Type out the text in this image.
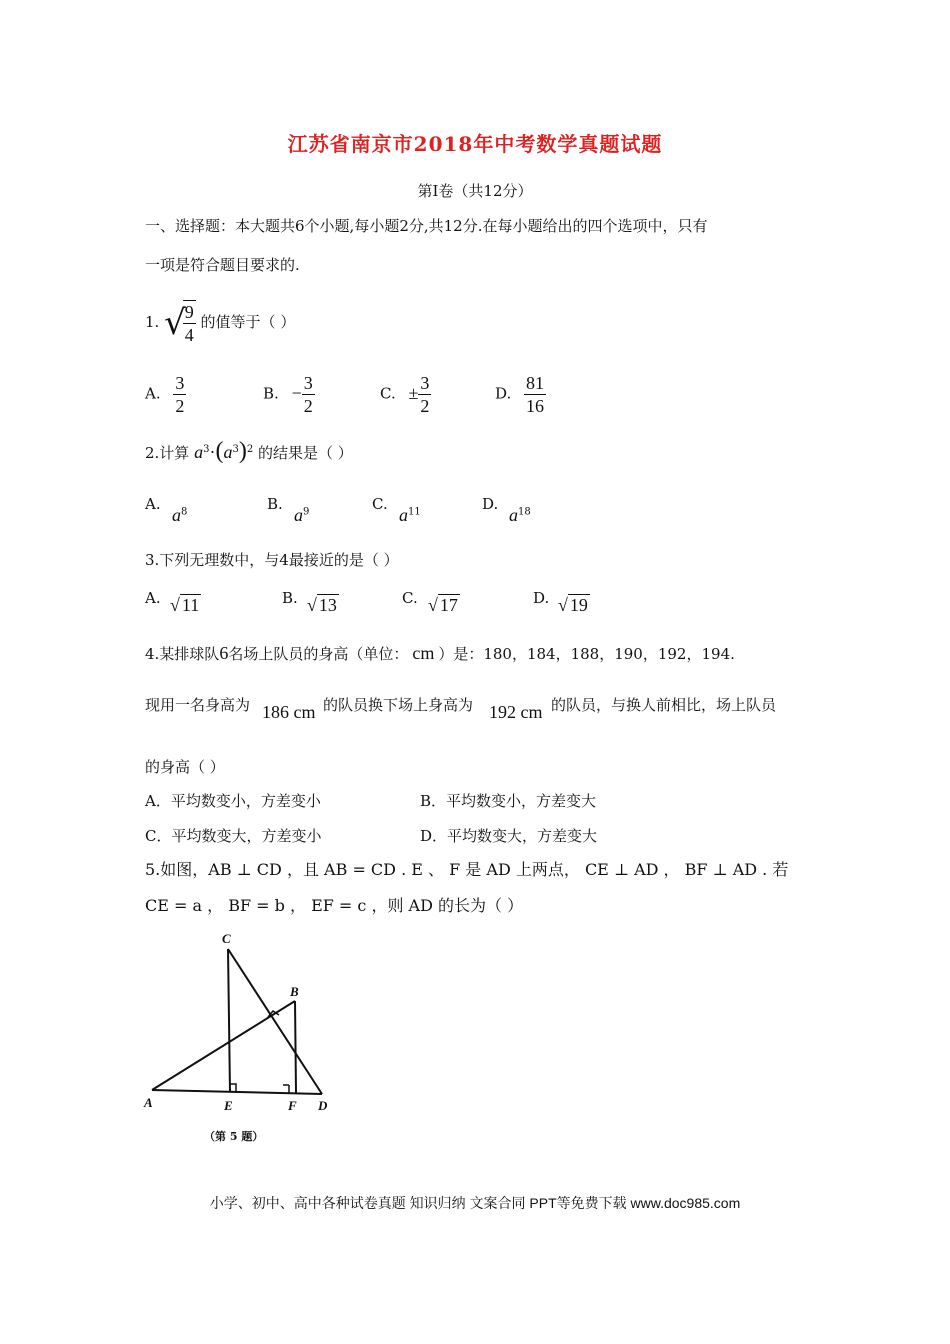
江苏省南京市2018年中考数学真题试题
第Ⅰ卷（共12分）
一、选择题：本大题共6个小题,每小题2分,共12分.在每小题给出的四个选项中，只有
一项是符合题目要求的.
1. √
$\frac{9}{4}$ 的值等于（ ）
A. $\frac{3}{2}$	B. − $\frac{3}{2}$	C. ± $\frac{3}{2}$	D. $\frac{81}{16}$
2.计算 $a^3\cdot(a^3)^2$ 的结果是（ ）
A.
$a^8$	B.
$a^9$	C.
$a^{11}$	D.
$a^{18}$
3.下列无理数中，与4最接近的是（ ）
A. √ 11	B. √ 13	C. √ 17	D. √ 19
4.某排球队6名场上队员的身高（单位： cm ）是：180，184，188，190，192，194.
现用一名身高为 186 cm 的队员换下场上身高为 192 cm 的队员，与换人前相比，场上队员
的身高（ ）
A．平均数变小，方差变小	B．平均数变小，方差变大
C．平均数变大，方差变小	D．平均数变大，方差变大
5.如图，AB ⊥ CD ，且 AB = CD . E 、 F 是 AD 上两点， CE ⊥ AD ， BF ⊥ AD . 若
CE = a ， BF = b ， EF = c ，则 AD 的长为（ ）
C
B
A	E	F D
（第 5 题）
小学、初中、高中各种试卷真题 知识归纳 文案合同 PPT等免费下载 www.doc985.com
